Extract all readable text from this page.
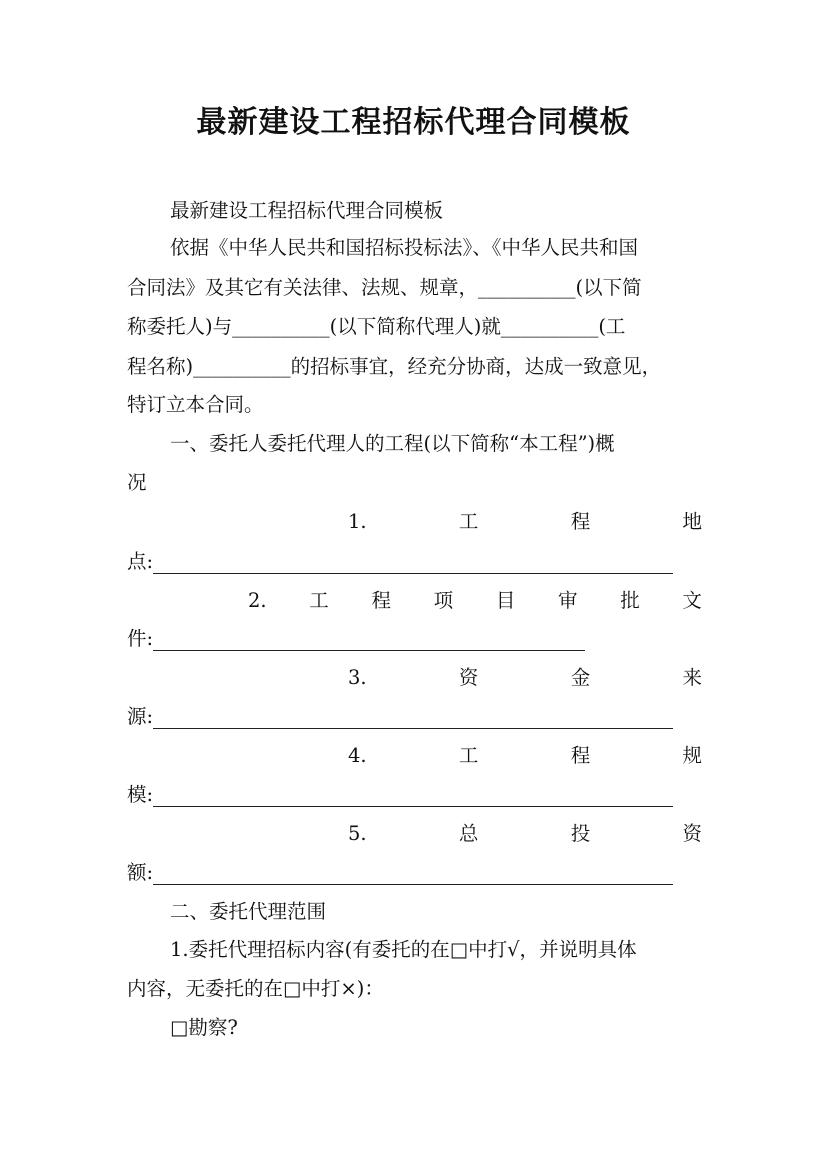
最新建设工程招标代理合同模板
最新建设工程招标代理合同模板
依据《中华人民共和国招标投标法》、《中华人民共和国
合同法》及其它有关法律、法规、规章，__________(以下简
称委托人)与__________(以下简称代理人)就__________(工
程名称)__________的招标事宜，经充分协商，达成一致意见，
特订立本合同。
一、委托人委托代理人的工程(以下简称“本工程”)概
况
1.	工	程	地
点:
2. 工 程 项 目 审 批 文
件:
3.	资	金	来
源:
4.	工	程	规
模:
5.	总	投	资
额:
二、委托代理范围
1.委托代理招标内容(有委托的在□中打√，并说明具体
内容，无委托的在□中打×)：
□勘察?
